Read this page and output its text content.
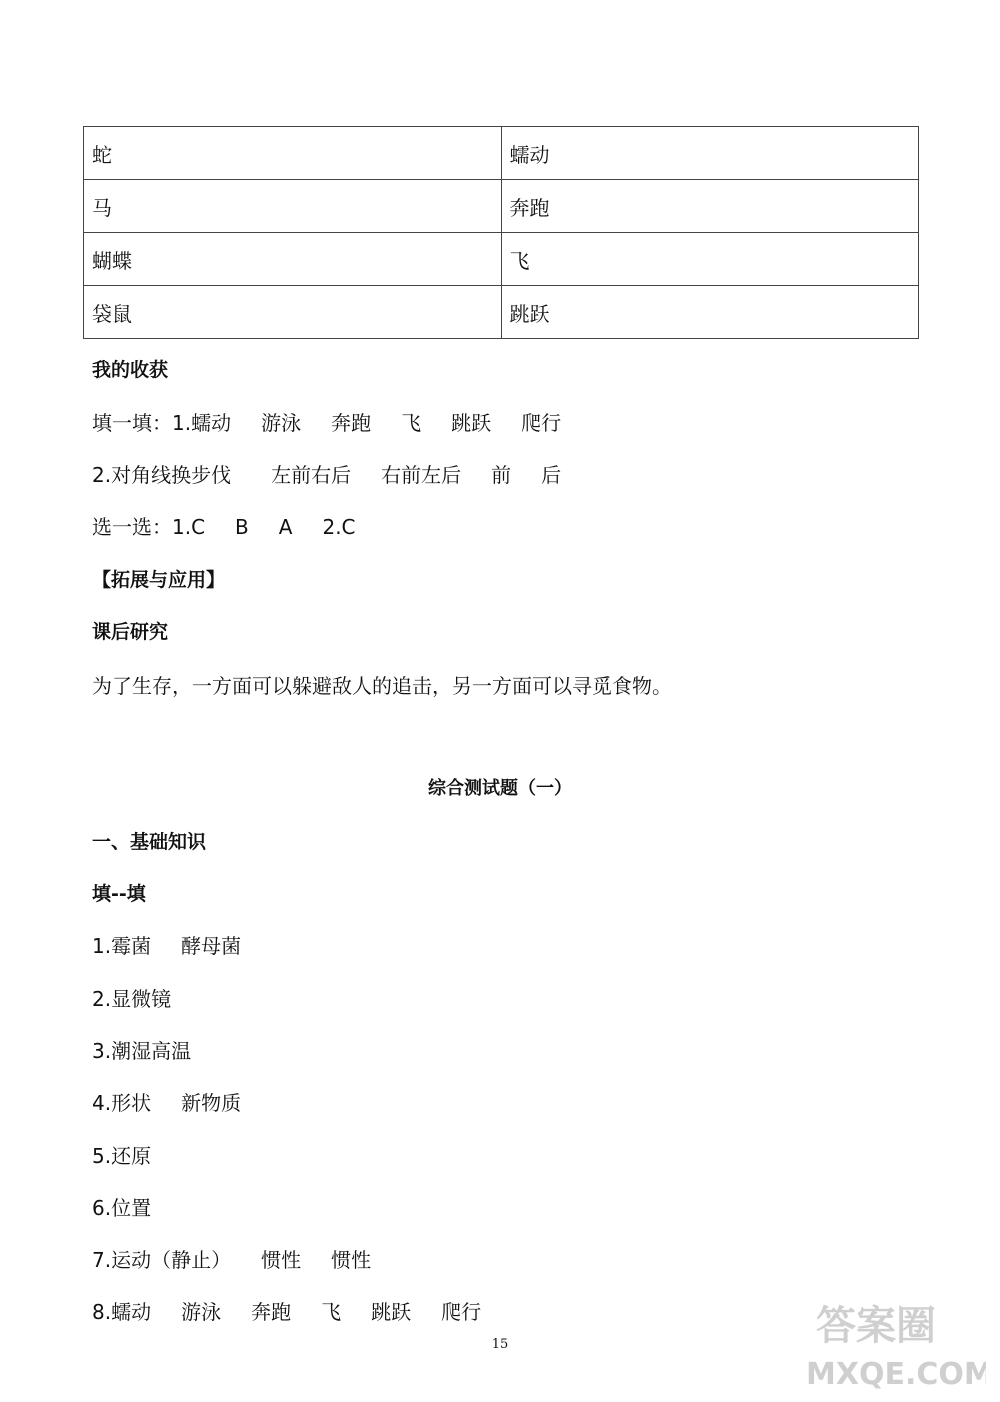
蛇	蠕动
马	奔跑
蝴蝶	飞
袋鼠	跳跃
我的收获
填一填：1.蠕动 游泳 奔跑 飞 跳跃 爬行
2.对角线换步伐 左前右后 右前左后 前 后
选一选：1.C B A 2.C
【拓展与应用】
课后研究
为了生存，一方面可以躲避敌人的追击，另一方面可以寻觅食物。
综合测试题（一）
一、基础知识
填--填
1.霉菌 酵母菌
2.显微镜
3.潮湿高温
4.形状 新物质
5.还原
6.位置
7.运动（静止） 惯性 惯性
8.蠕动 游泳 奔跑 飞 跳跃 爬行
15	答案圈
MXQE.COM
